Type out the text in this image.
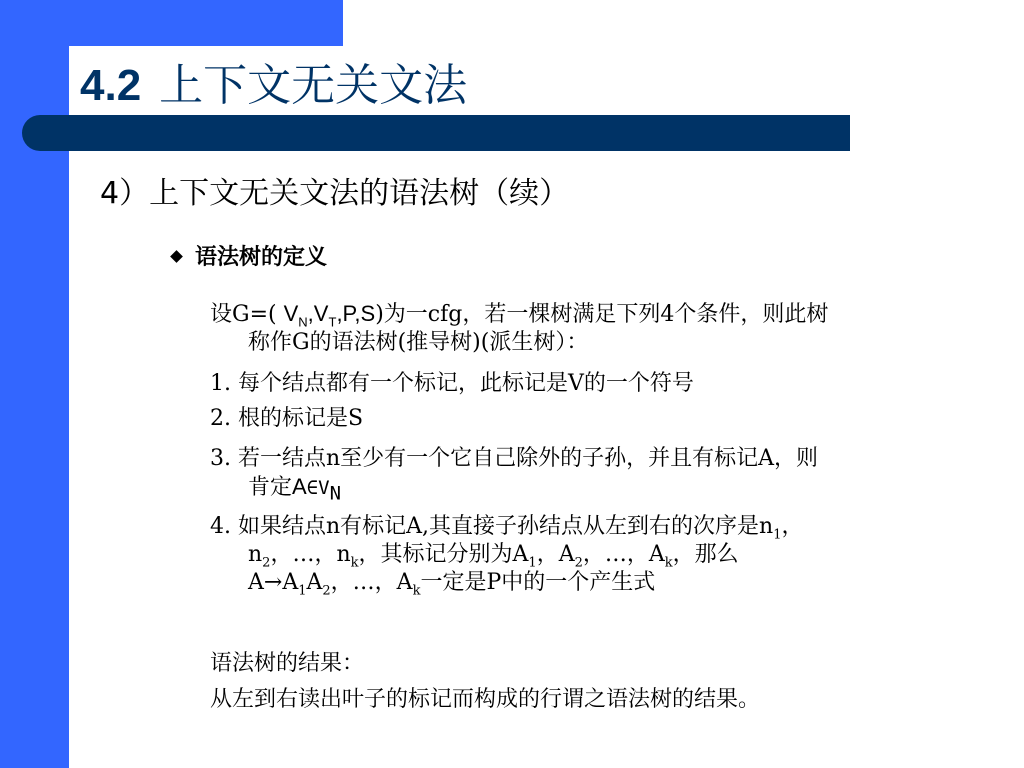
4.2 上下文无关文法
4）上下文无关文法的语法树（续）
语法树的定义
设G=( $V_N,V_T,P,S$)为一cfg，若一棵树满足下列4个条件，则此树
称作G的语法树(推导树)(派生树）：
1. 每个结点都有一个标记，此标记是V的一个符号
2. 根的标记是S
3. 若一结点n至少有一个它自己除外的子孙，并且有标记A，则
肯定$A\in V_N$
4. 如果结点n有标记A,其直接子孙结点从左到右的次序是$n_1$，
$n_2$，…，$n_k$，其标记分别为$A_1$，$A_2$，…，$A_k$，那么
$A\to A_1A_2$，…，$A_k$一定是P中的一个产生式
语法树的结果：
从左到右读出叶子的标记而构成的行谓之语法树的结果。
